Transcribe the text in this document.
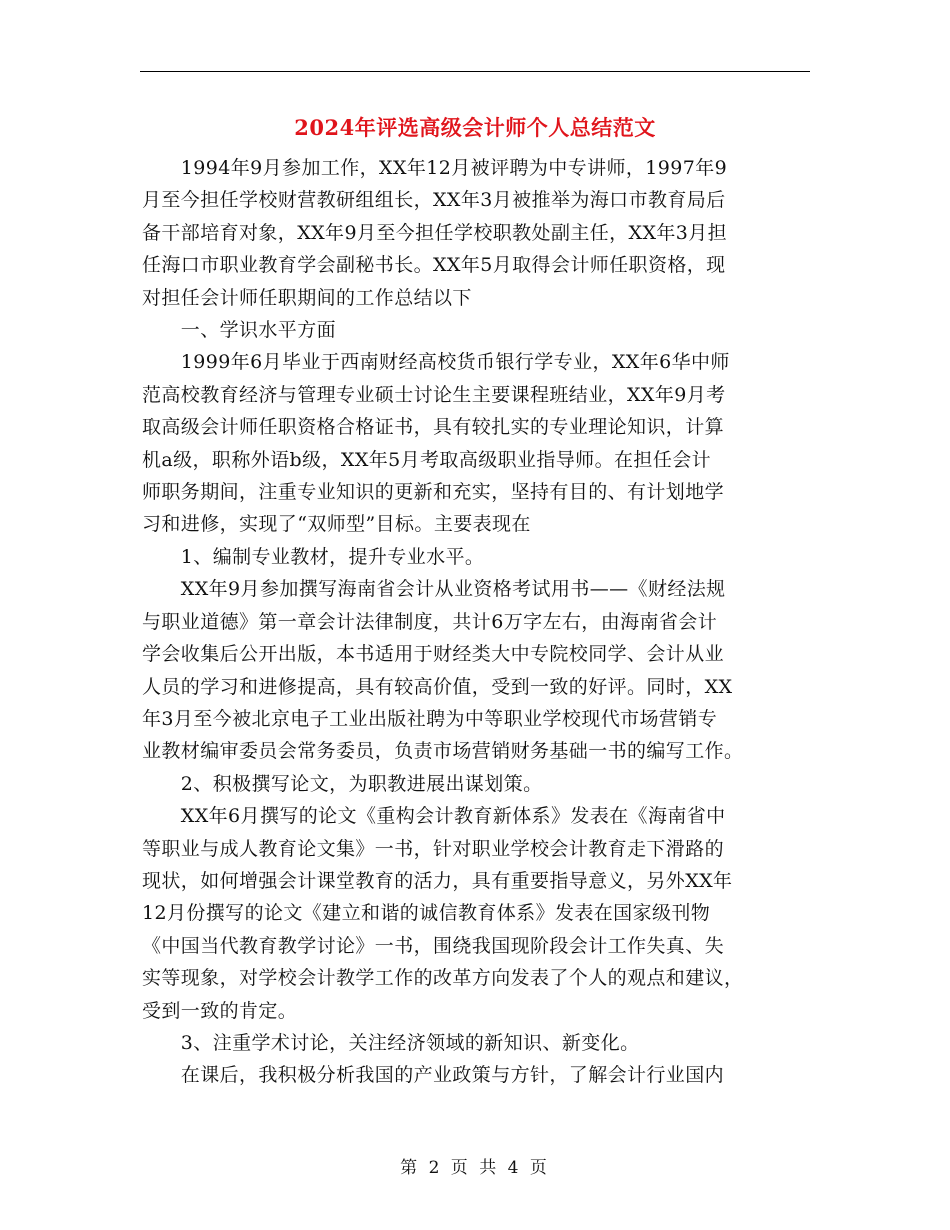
2024年评选高级会计师个人总结范文

　　1994年9月参加工作，XX年12月被评聘为中专讲师，1997年9

月至今担任学校财营教研组组长，XX年3月被推举为海口市教育局后

备干部培育对象，XX年9月至今担任学校职教处副主任，XX年3月担

任海口市职业教育学会副秘书长。XX年5月取得会计师任职资格，现

对担任会计师任职期间的工作总结以下

　　一、学识水平方面

　　1999年6月毕业于西南财经高校货币银行学专业，XX年6华中师

范高校教育经济与管理专业硕士讨论生主要课程班结业，XX年9月考

取高级会计师任职资格合格证书，具有较扎实的专业理论知识，计算

机a级，职称外语b级，XX年5月考取高级职业指导师。在担任会计

师职务期间，注重专业知识的更新和充实，坚持有目的、有计划地学

习和进修，实现了“双师型”目标。主要表现在

　　1、编制专业教材，提升专业水平。

　　XX年9月参加撰写海南省会计从业资格考试用书——《财经法规

与职业道德》第一章会计法律制度，共计6万字左右，由海南省会计

学会收集后公开出版，本书适用于财经类大中专院校同学、会计从业

人员的学习和进修提高，具有较高价值，受到一致的好评。同时，XX

年3月至今被北京电子工业出版社聘为中等职业学校现代市场营销专

业教材编审委员会常务委员，负责市场营销财务基础一书的编写工作。

　　2、积极撰写论文，为职教进展出谋划策。

　　XX年6月撰写的论文《重构会计教育新体系》发表在《海南省中

等职业与成人教育论文集》一书，针对职业学校会计教育走下滑路的

现状，如何增强会计课堂教育的活力，具有重要指导意义，另外XX年

12月份撰写的论文《建立和谐的诚信教育体系》发表在国家级刊物

《中国当代教育教学讨论》一书，围绕我国现阶段会计工作失真、失

实等现象，对学校会计教学工作的改革方向发表了个人的观点和建议，

受到一致的肯定。

　　3、注重学术讨论，关注经济领域的新知识、新变化。

　　在课后，我积极分析我国的产业政策与方针，了解会计行业国内

第 2 页 共 4 页
